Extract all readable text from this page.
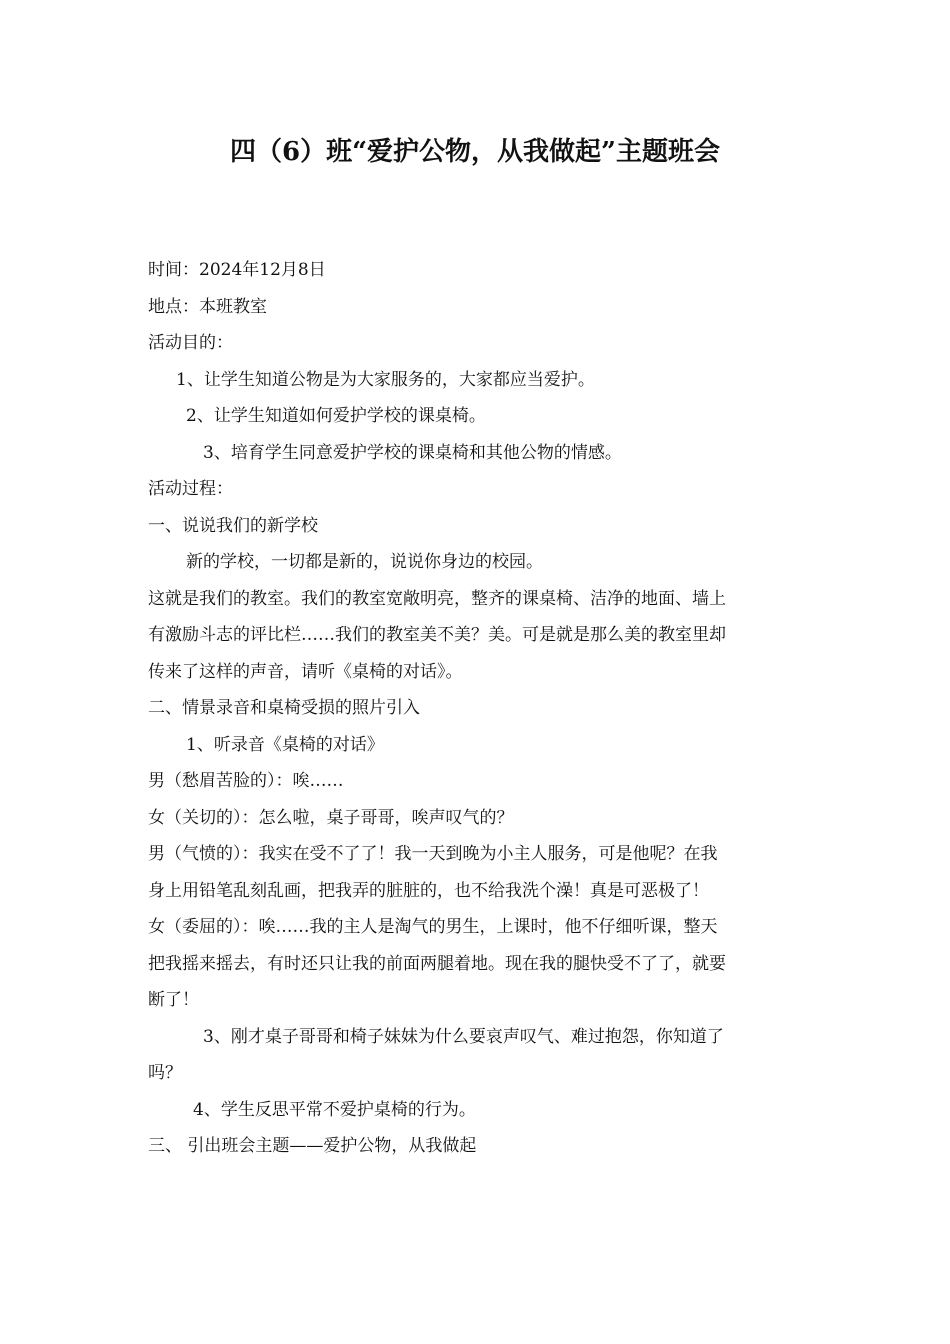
四（6）班“爱护公物，从我做起”主题班会
时间：2024年12月8日
地点：本班教室
活动目的：
1、让学生知道公物是为大家服务的，大家都应当爱护。
2、让学生知道如何爱护学校的课桌椅。
3、培育学生同意爱护学校的课桌椅和其他公物的情感。
活动过程：
一、说说我们的新学校
新的学校，一切都是新的，说说你身边的校园。
这就是我们的教室。我们的教室宽敞明亮，整齐的课桌椅、洁净的地面、墙上
有激励斗志的评比栏……我们的教室美不美？美。可是就是那么美的教室里却
传来了这样的声音，请听《桌椅的对话》。
二、情景录音和桌椅受损的照片引入
1、听录音《桌椅的对话》
男（愁眉苦脸的）：唉……
女（关切的）：怎么啦，桌子哥哥，唉声叹气的？
男（气愤的）：我实在受不了了！我一天到晚为小主人服务，可是他呢？在我
身上用铅笔乱刻乱画，把我弄的脏脏的，也不给我洗个澡！真是可恶极了！
女（委屈的）：唉……我的主人是淘气的男生，上课时，他不仔细听课，整天
把我摇来摇去，有时还只让我的前面两腿着地。现在我的腿快受不了了，就要
断了！
3、刚才桌子哥哥和椅子妹妹为什么要哀声叹气、难过抱怨，你知道了
吗？
4、学生反思平常不爱护桌椅的行为。
三、 引出班会主题——爱护公物，从我做起
